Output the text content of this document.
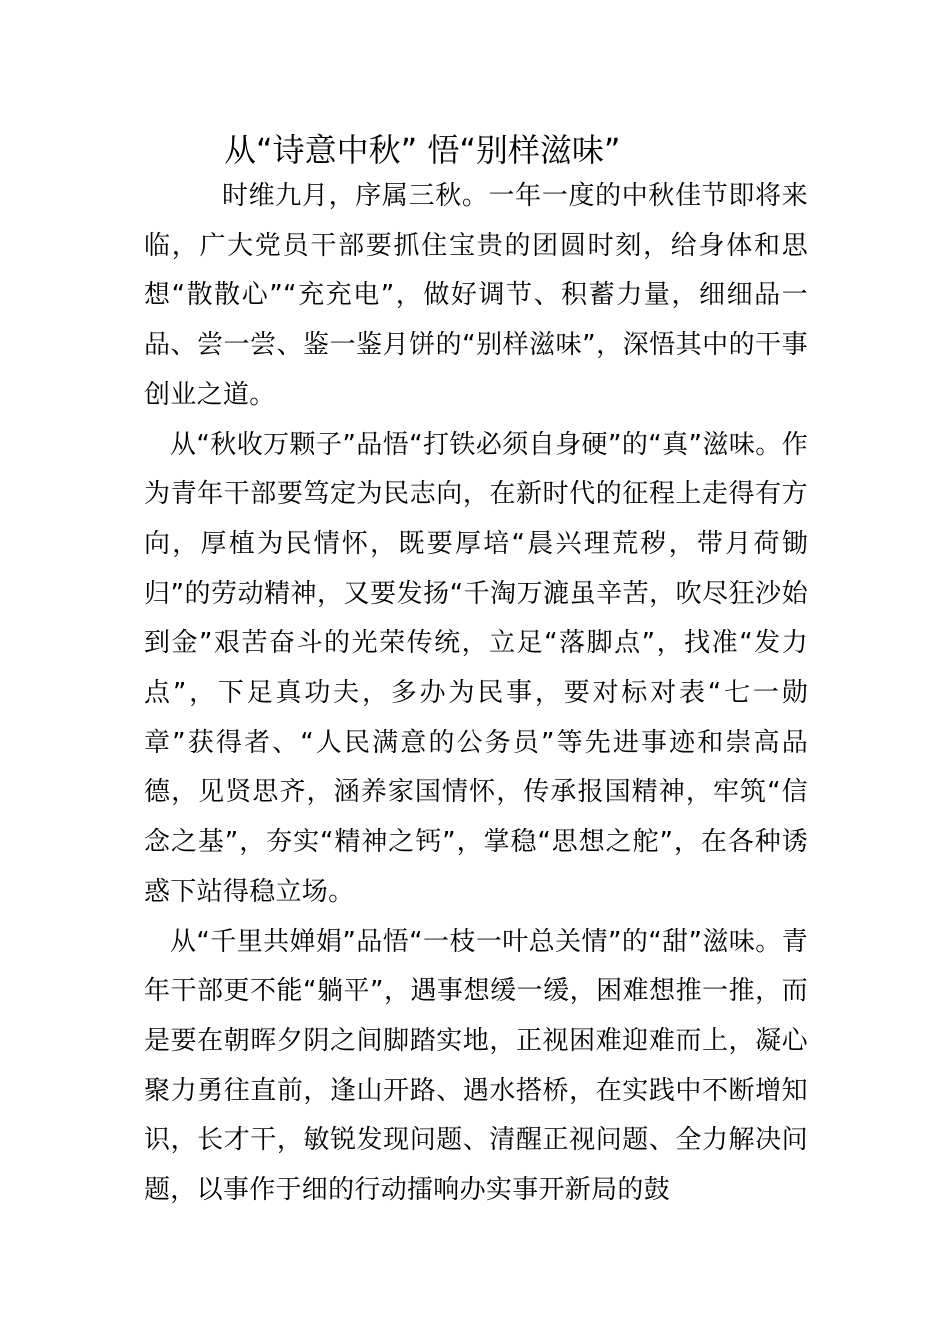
从“诗意中秋” 悟“别样滋味”

时维九月，序属三秋。一年一度的中秋佳节即将来临，广大党员干部要抓住宝贵的团圆时刻，给身体和思想“散散心”“充充电”，做好调节、积蓄力量，细细品一品、尝一尝、鉴一鉴月饼的“别样滋味”，深悟其中的干事创业之道。

从“秋收万颗子”品悟“打铁必须自身硬”的“真”滋味。作为青年干部要笃定为民志向，在新时代的征程上走得有方向，厚植为民情怀，既要厚培“晨兴理荒秽，带月荷锄归”的劳动精神，又要发扬“千淘万漉虽辛苦，吹尽狂沙始到金”艰苦奋斗的光荣传统，立足“落脚点”，找准“发力点”，下足真功夫，多办为民事，要对标对表“七一勋章”获得者、“人民满意的公务员”等先进事迹和崇高品德，见贤思齐，涵养家国情怀，传承报国精神，牢筑“信念之基”，夯实“精神之钙”，掌稳“思想之舵”，在各种诱惑下站得稳立场。

从“千里共婵娟”品悟“一枝一叶总关情”的“甜”滋味。青年干部更不能“躺平”，遇事想缓一缓，困难想推一推，而是要在朝晖夕阴之间脚踏实地，正视困难迎难而上，凝心聚力勇往直前，逢山开路、遇水搭桥，在实践中不断增知识，长才干，敏锐发现问题、清醒正视问题、全力解决问题，以事作于细的行动擂响办实事开新局的鼓
